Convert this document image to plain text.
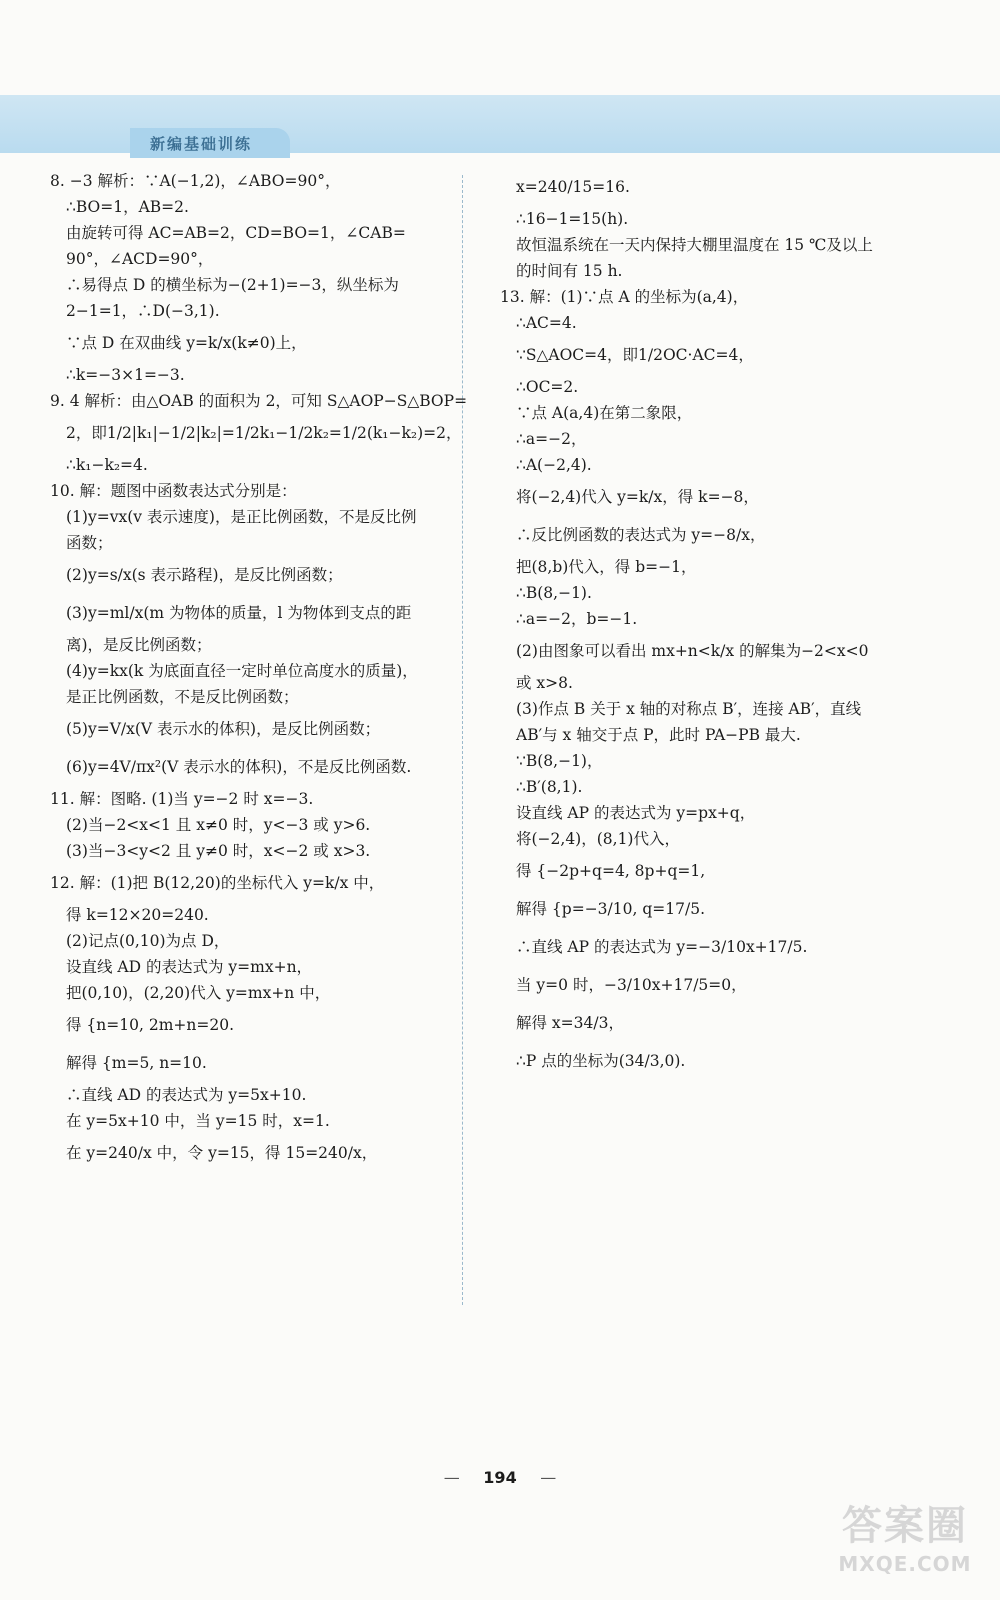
新编基础训练
8. −3 解析：∵A(−1,2)，∠ABO=90°，
∴BO=1，AB=2.
由旋转可得 AC=AB=2，CD=BO=1，∠CAB=
90°，∠ACD=90°，
∴易得点 D 的横坐标为−(2+1)=−3，纵坐标为
2−1=1，∴D(−3,1).
∵点 D 在双曲线 y=k/x(k≠0)上，
∴k=−3×1=−3.
9. 4 解析：由△OAB 的面积为 2，可知 S△AOP−S△BOP=
2，即1/2|k₁|−1/2|k₂|=1/2k₁−1/2k₂=1/2(k₁−k₂)=2，
∴k₁−k₂=4.
10. 解：题图中函数表达式分别是：
(1)y=vx(v 表示速度)，是正比例函数，不是反比例
函数；
(2)y=s/x(s 表示路程)，是反比例函数；
(3)y=ml/x(m 为物体的质量，l 为物体到支点的距
离)，是反比例函数；
(4)y=kx(k 为底面直径一定时单位高度水的质量)，
是正比例函数，不是反比例函数；
(5)y=V/x(V 表示水的体积)，是反比例函数；
(6)y=4V/πx²(V 表示水的体积)，不是反比例函数.
11. 解：图略. (1)当 y=−2 时 x=−3.
(2)当−2<x<1 且 x≠0 时，y<−3 或 y>6.
(3)当−3<y<2 且 y≠0 时，x<−2 或 x>3.
12. 解：(1)把 B(12,20)的坐标代入 y=k/x 中，
得 k=12×20=240.
(2)记点(0,10)为点 D，
设直线 AD 的表达式为 y=mx+n，
把(0,10)，(2,20)代入 y=mx+n 中，
得 {n=10, 2m+n=20.
解得 {m=5, n=10.
∴直线 AD 的表达式为 y=5x+10.
在 y=5x+10 中，当 y=15 时，x=1.
在 y=240/x 中，令 y=15，得 15=240/x，
x=240/15=16.
∴16−1=15(h).
故恒温系统在一天内保持大棚里温度在 15 ℃及以上
的时间有 15 h.
13. 解：(1)∵点 A 的坐标为(a,4)，
∴AC=4.
∵S△AOC=4，即1/2OC·AC=4，
∴OC=2.
∵点 A(a,4)在第二象限，
∴a=−2，
∴A(−2,4).
将(−2,4)代入 y=k/x，得 k=−8，
∴反比例函数的表达式为 y=−8/x，
把(8,b)代入，得 b=−1，
∴B(8,−1).
∴a=−2，b=−1.
(2)由图象可以看出 mx+n<k/x 的解集为−2<x<0
或 x>8.
(3)作点 B 关于 x 轴的对称点 B′，连接 AB′，直线
AB′与 x 轴交于点 P，此时 PA−PB 最大.
∵B(8,−1)，
∴B′(8,1).
设直线 AP 的表达式为 y=px+q，
将(−2,4)，(8,1)代入，
得 {−2p+q=4, 8p+q=1,
解得 {p=−3/10, q=17/5.
∴直线 AP 的表达式为 y=−3/10x+17/5.
当 y=0 时，−3/10x+17/5=0，
解得 x=34/3，
∴P 点的坐标为(34/3,0).
— 194 —
答案圈
MXQE.COM
